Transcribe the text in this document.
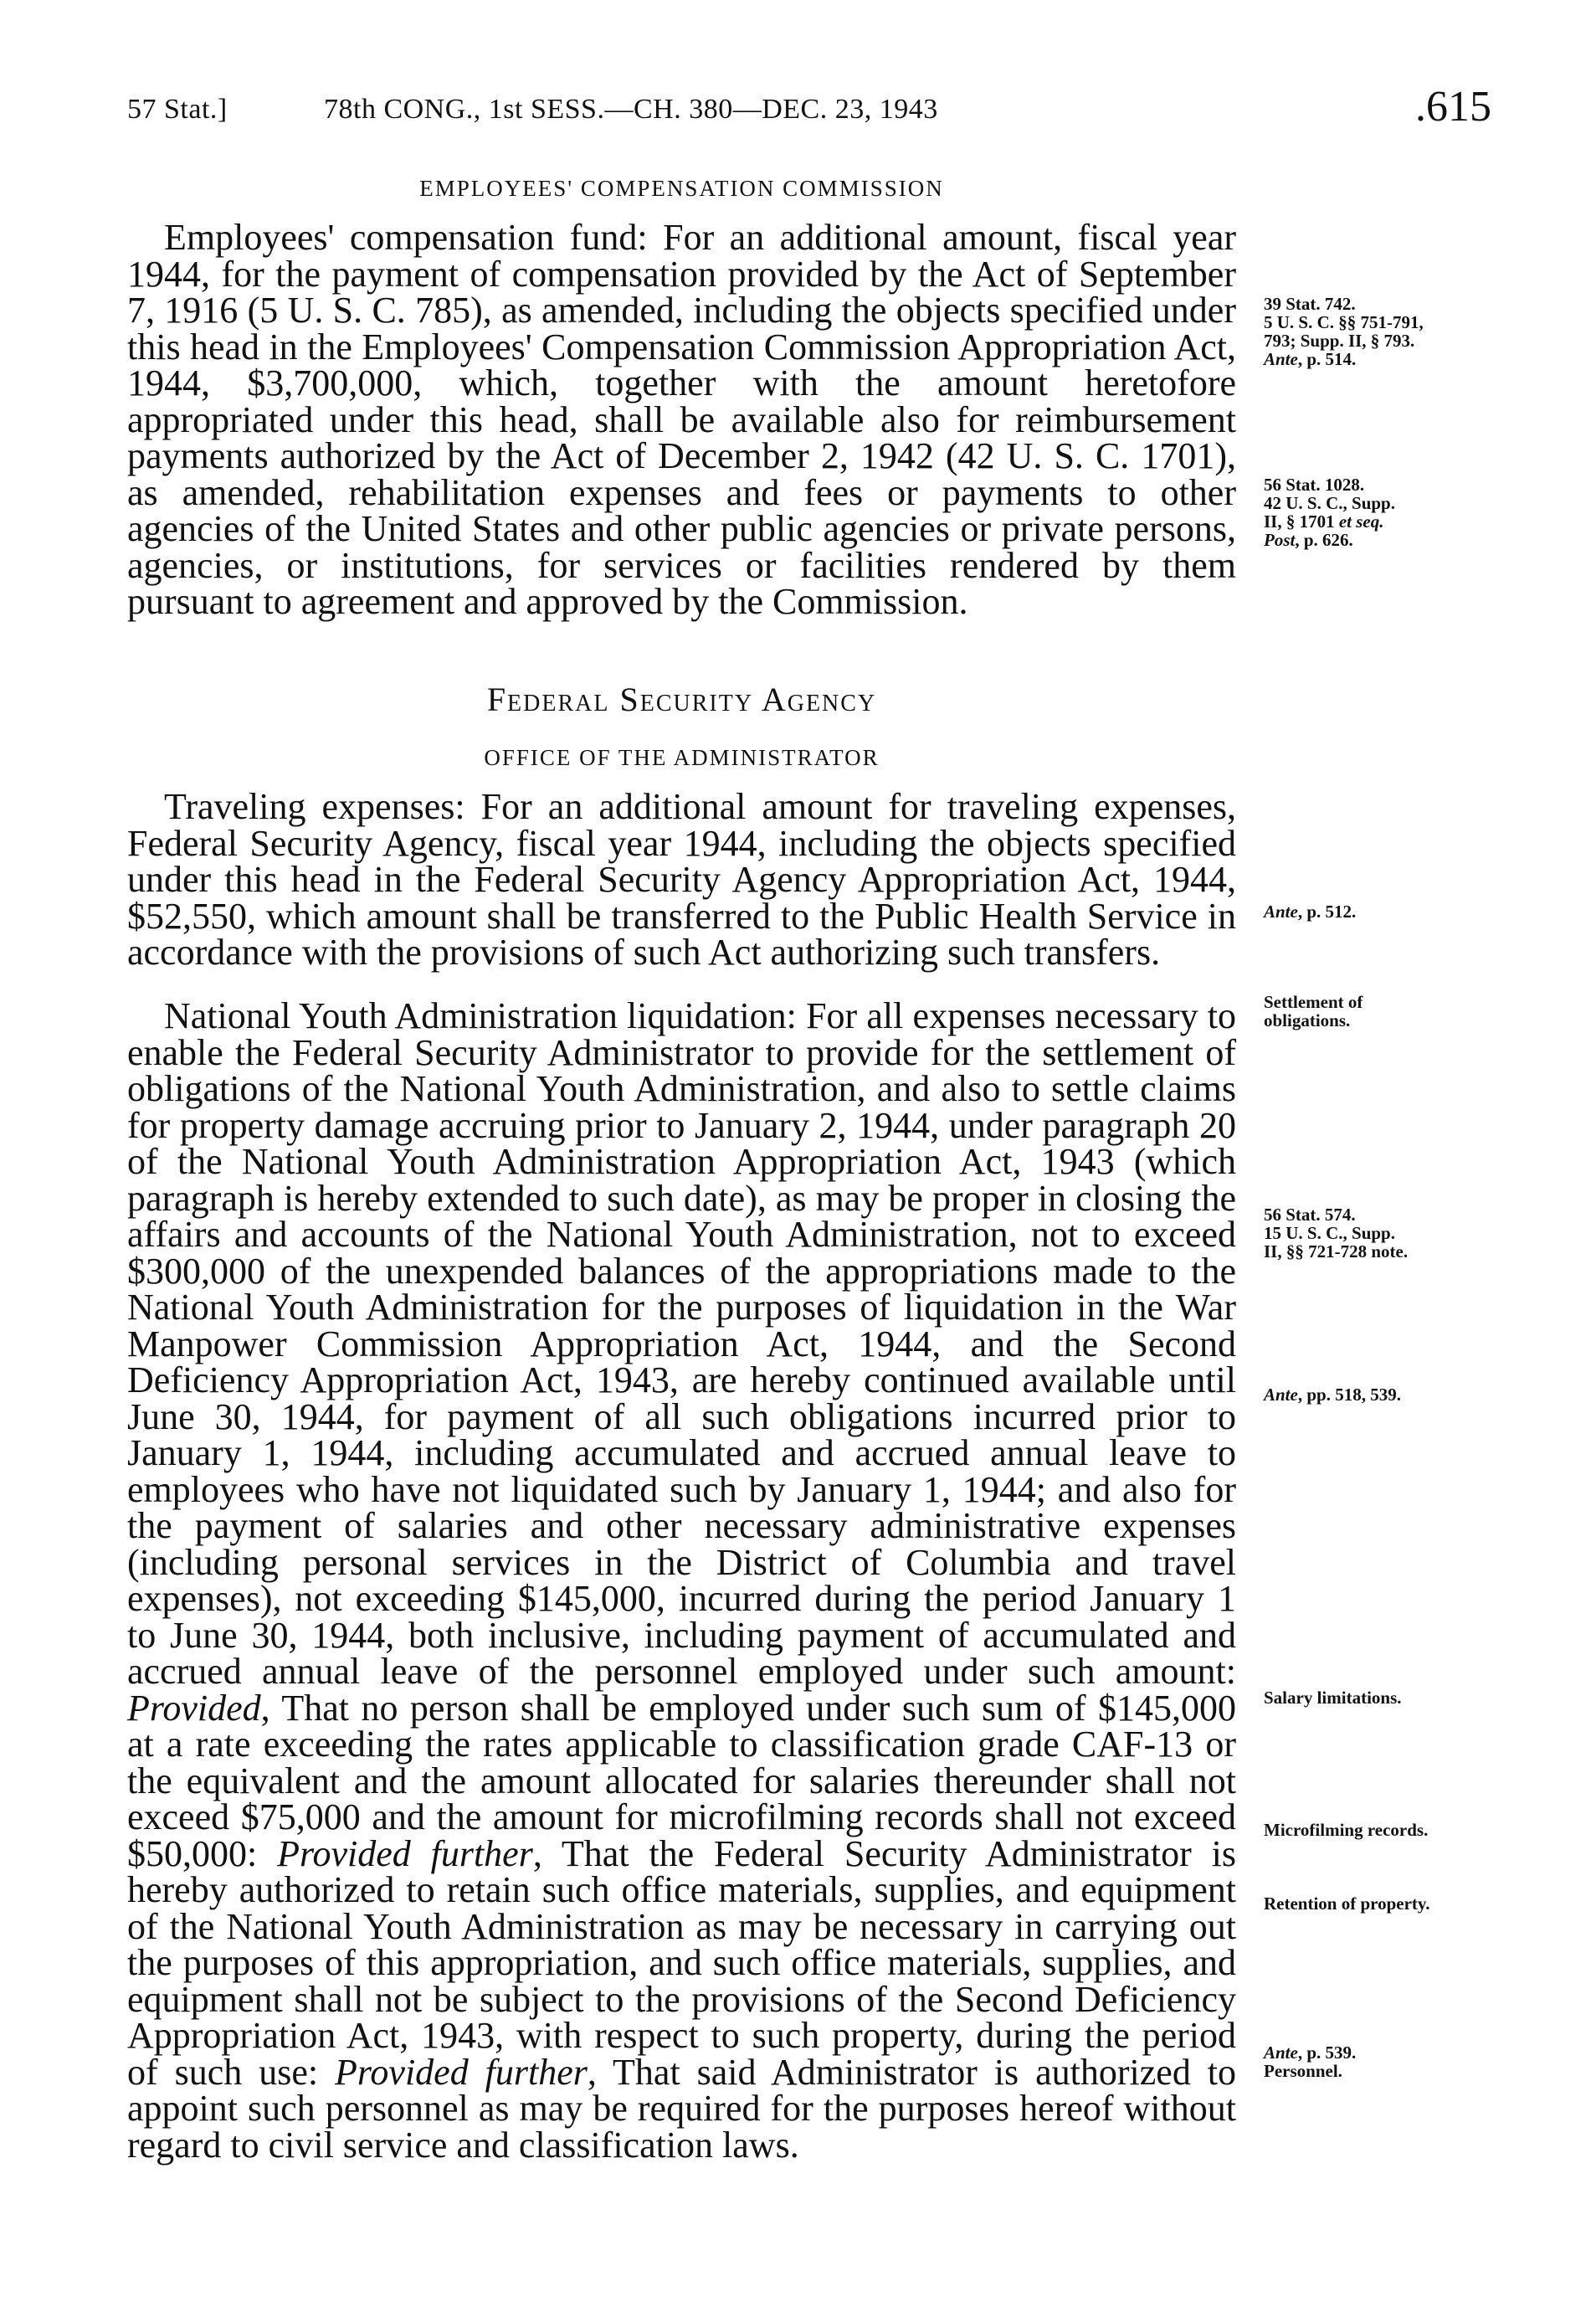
57 Stat.]	78th CONG., 1st SESS.—CH. 380—DEC. 23, 1943	.615
EMPLOYEES' COMPENSATION COMMISSION
Employees' compensation fund: For an additional amount, fiscal year 1944, for the payment of compensation provided by the Act of September 7, 1916 (5 U. S. C. 785), as amended, including the objects specified under this head in the Employees' Compensation Commission Appropriation Act, 1944, $3,700,000, which, together with the amount heretofore appropriated under this head, shall be available also for reimbursement payments authorized by the Act of December 2, 1942 (42 U. S. C. 1701), as amended, rehabilitation expenses and fees or payments to other agencies of the United States and other public agencies or private persons, agencies, or institutions, for services or facilities rendered by them pursuant to agreement and approved by the Commission.
Federal Security Agency
OFFICE OF THE ADMINISTRATOR
Traveling expenses: For an additional amount for traveling expenses, Federal Security Agency, fiscal year 1944, including the objects specified under this head in the Federal Security Agency Appropriation Act, 1944, $52,550, which amount shall be transferred to the Public Health Service in accordance with the provisions of such Act authorizing such transfers.
National Youth Administration liquidation: For all expenses necessary to enable the Federal Security Administrator to provide for the settlement of obligations of the National Youth Administration, and also to settle claims for property damage accruing prior to January 2, 1944, under paragraph 20 of the National Youth Administration Appropriation Act, 1943 (which paragraph is hereby extended to such date), as may be proper in closing the affairs and accounts of the National Youth Administration, not to exceed $300,000 of the unexpended balances of the appropriations made to the National Youth Administration for the purposes of liquidation in the War Manpower Commission Appropriation Act, 1944, and the Second Deficiency Appropriation Act, 1943, are hereby continued available until June 30, 1944, for payment of all such obligations incurred prior to January 1, 1944, including accumulated and accrued annual leave to employees who have not liquidated such by January 1, 1944; and also for the payment of salaries and other necessary administrative expenses (including personal services in the District of Columbia and travel expenses), not exceeding $145,000, incurred during the period January 1 to June 30, 1944, both inclusive, including payment of accumulated and accrued annual leave of the personnel employed under such amount: Provided, That no person shall be employed under such sum of $145,000 at a rate exceeding the rates applicable to classification grade CAF-13 or the equivalent and the amount allocated for salaries thereunder shall not exceed $75,000 and the amount for microfilming records shall not exceed $50,000: Provided further, That the Federal Security Administrator is hereby authorized to retain such office materials, supplies, and equipment of the National Youth Administration as may be necessary in carrying out the purposes of this appropriation, and such office materials, supplies, and equipment shall not be subject to the provisions of the Second Deficiency Appropriation Act, 1943, with respect to such property, during the period of such use: Provided further, That said Administrator is authorized to appoint such personnel as may be required for the purposes hereof without regard to civil service and classification laws.
39 Stat. 742.
5 U. S. C. §§ 751-791,
793; Supp. II, § 793.
Ante, p. 514.
56 Stat. 1028.
42 U. S. C., Supp.
II, § 1701 et seq.
Post, p. 626.
Ante, p. 512.
Settlement of obligations.
56 Stat. 574.
15 U. S. C., Supp.
II, §§ 721-728 note.
Ante, pp. 518, 539.
Salary limitations.
Microfilming records.
Retention of property.
Ante, p. 539.
Personnel.
